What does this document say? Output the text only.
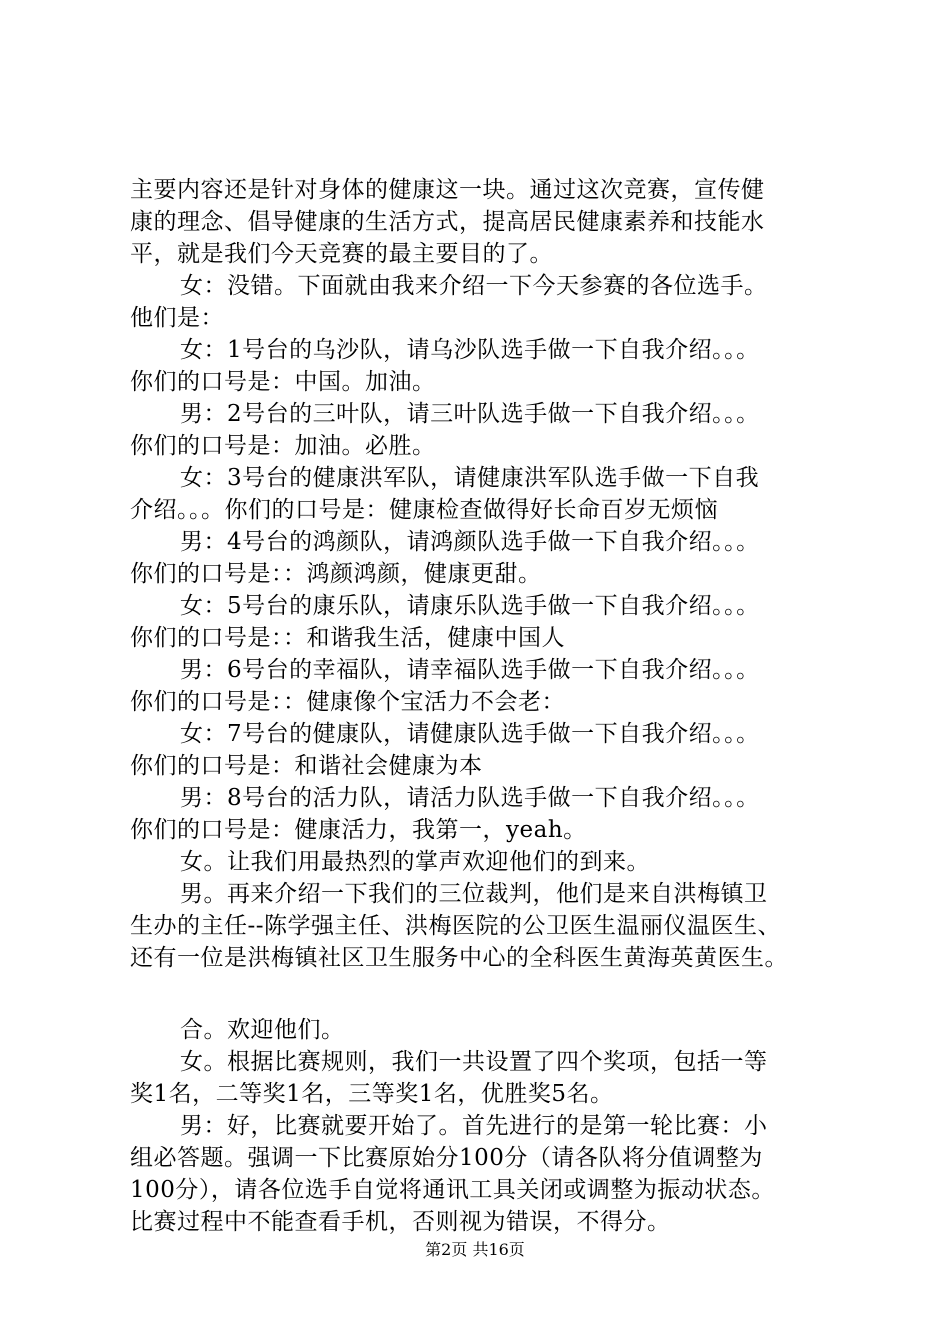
主要内容还是针对身体的健康这一块。通过这次竞赛，宣传健
康的理念、倡导健康的生活方式，提高居民健康素养和技能水
平，就是我们今天竞赛的最主要目的了。
女：没错。下面就由我来介绍一下今天参赛的各位选手。
他们是：
女：1号台的乌沙队，请乌沙队选手做一下自我介绍。。。
你们的口号是：中国。加油。
男：2号台的三叶队，请三叶队选手做一下自我介绍。。。
你们的口号是：加油。必胜。
女：3号台的健康洪军队，请健康洪军队选手做一下自我
介绍。。。你们的口号是：健康检查做得好长命百岁无烦恼
男：4号台的鸿颜队，请鸿颜队选手做一下自我介绍。。。
你们的口号是：：鸿颜鸿颜，健康更甜。
女：5号台的康乐队，请康乐队选手做一下自我介绍。。。
你们的口号是：：和谐我生活，健康中国人
男：6号台的幸福队，请幸福队选手做一下自我介绍。。。
你们的口号是：：健康像个宝活力不会老：
女：7号台的健康队，请健康队选手做一下自我介绍。。。
你们的口号是：和谐社会健康为本
男：8号台的活力队，请活力队选手做一下自我介绍。。。
你们的口号是：健康活力，我第一，yeah。
女。让我们用最热烈的掌声欢迎他们的到来。
男。再来介绍一下我们的三位裁判，他们是来自洪梅镇卫
生办的主任--陈学强主任、洪梅医院的公卫医生温丽仪温医生、
还有一位是洪梅镇社区卫生服务中心的全科医生黄海英黄医生。
合。欢迎他们。
女。根据比赛规则，我们一共设置了四个奖项，包括一等
奖1名，二等奖1名，三等奖1名，优胜奖5名。
男：好，比赛就要开始了。首先进行的是第一轮比赛：小
组必答题。强调一下比赛原始分100分（请各队将分值调整为
100分），请各位选手自觉将通讯工具关闭或调整为振动状态。
比赛过程中不能查看手机，否则视为错误，不得分。
第2页 共16页
